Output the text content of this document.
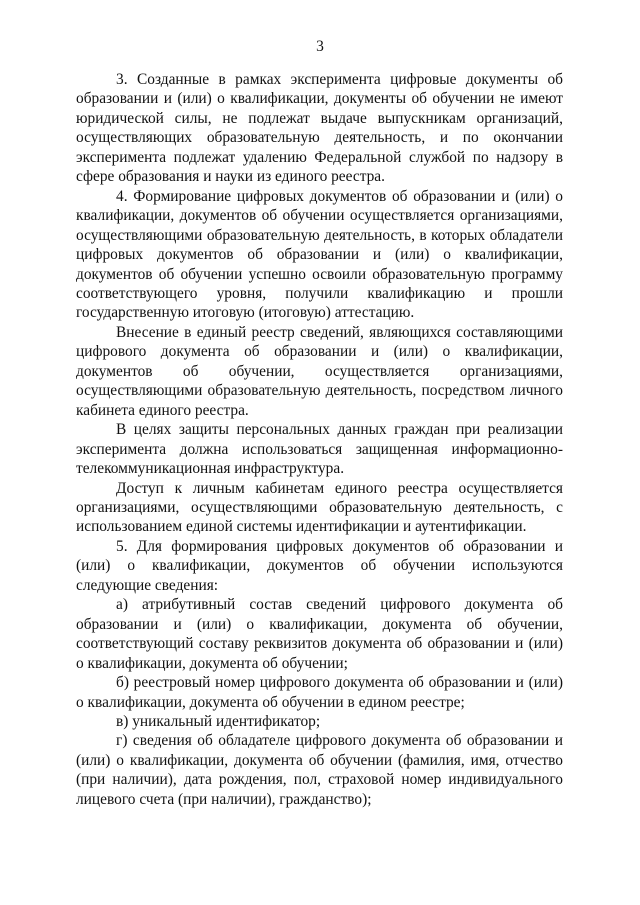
3

3. Созданные в рамках эксперимента цифровые документы об образовании и (или) о квалификации, документы об обучении не имеют юридической силы, не подлежат выдаче выпускникам организаций, осуществляющих образовательную деятельность, и по окончании эксперимента подлежат удалению Федеральной службой по надзору в сфере образования и науки из единого реестра.

4. Формирование цифровых документов об образовании и (или) о квалификации, документов об обучении осуществляется организациями, осуществляющими образовательную деятельность, в которых обладатели цифровых документов об образовании и (или) о квалификации, документов об обучении успешно освоили образовательную программу соответствующего уровня, получили квалификацию и прошли государственную итоговую (итоговую) аттестацию.

Внесение в единый реестр сведений, являющихся составляющими цифрового документа об образовании и (или) о квалификации, документов об обучении, осуществляется организациями, осуществляющими образовательную деятельность, посредством личного кабинета единого реестра.

В целях защиты персональных данных граждан при реализации эксперимента должна использоваться защищенная информационно-телекоммуникационная инфраструктура.

Доступ к личным кабинетам единого реестра осуществляется организациями, осуществляющими образовательную деятельность, с использованием единой системы идентификации и аутентификации.

5. Для формирования цифровых документов об образовании и (или) о квалификации, документов об обучении используются следующие сведения:

а) атрибутивный состав сведений цифрового документа об образовании и (или) о квалификации, документа об обучении, соответствующий составу реквизитов документа об образовании и (или) о квалификации, документа об обучении;

б) реестровый номер цифрового документа об образовании и (или) о квалификации, документа об обучении в едином реестре;

в) уникальный идентификатор;

г) сведения об обладателе цифрового документа об образовании и (или) о квалификации, документа об обучении (фамилия, имя, отчество (при наличии), дата рождения, пол, страховой номер индивидуального лицевого счета (при наличии), гражданство);
